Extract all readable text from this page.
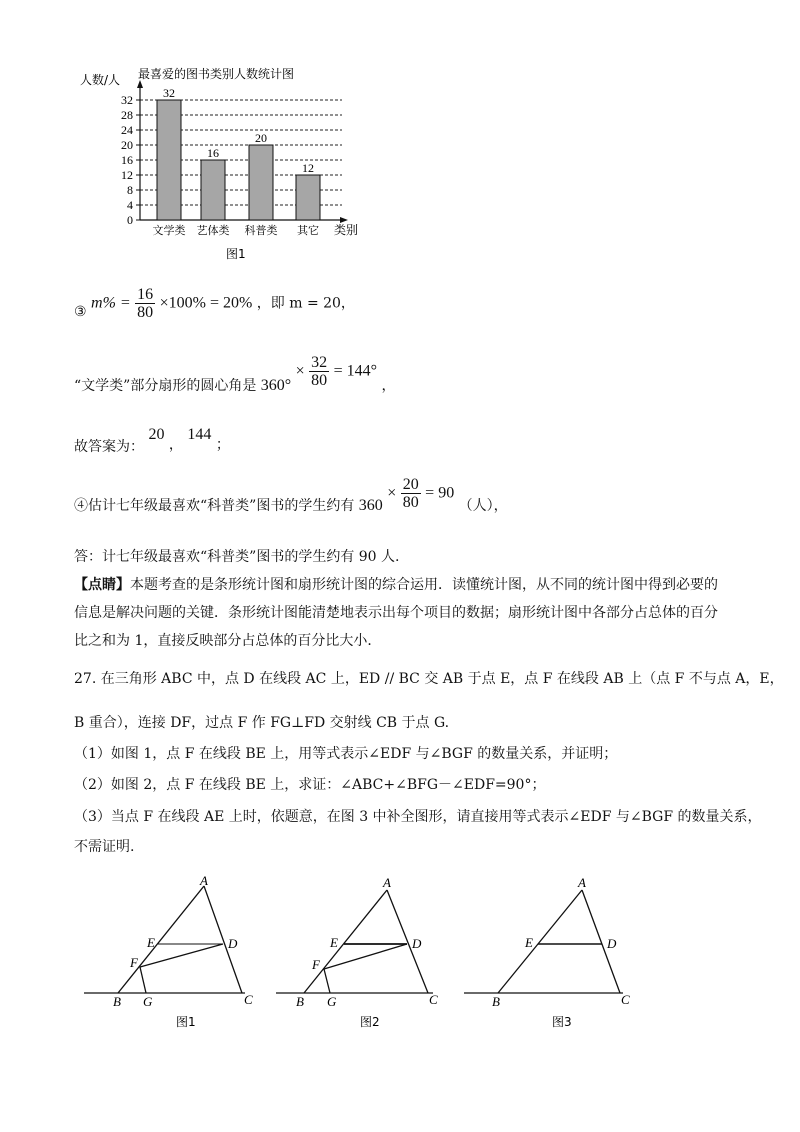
人数/人 最喜爱的图书类别人数统计图
0
4
8
12
16
20
24
28
32	32
16
20
12
文学类 艺体类 科普类 其它 类别
图1
③ $m\% = \frac{16}{80} \times 100\% = 20\%$ ，即 m = 20，
“文学类”部分扇形的圆心角是 $360^\circ \times \frac{32}{80} = 144^\circ$ ，
故答案为： 20 ， 144 ；
④估计七年级最喜欢“科普类”图书的学生约有 $360 \times \frac{20}{80} = 90$ （人），
答：计七年级最喜欢“科普类”图书的学生约有 90 人.
【点睛】本题考查的是条形统计图和扇形统计图的综合运用．读懂统计图，从不同的统计图中得到必要的
信息是解决问题的关键．条形统计图能清楚地表示出每个项目的数据；扇形统计图中各部分占总体的百分
比之和为 1，直接反映部分占总体的百分比大小．
27. 在三角形 ABC 中，点 D 在线段 AC 上，ED // BC 交 AB 于点 E，点 F 在线段 AB 上（点 F 不与点 A，E，
B 重合），连接 DF，过点 F 作 FG⊥FD 交射线 CB 于点 G.
（1）如图 1，点 F 在线段 BE 上，用等式表示∠EDF 与∠BGF 的数量关系，并证明；
（2）如图 2，点 F 在线段 BE 上，求证：∠ABC+∠BFG－∠EDF=90°；
（3）当点 F 在线段 AE 上时，依题意，在图 3 中补全图形，请直接用等式表示∠EDF 与∠BGF 的数量关系，
不需证明.
A
E	D
F
B G	C
图1
A
E	D
F
B G	C
图2
A
E	D
B	C
图3
